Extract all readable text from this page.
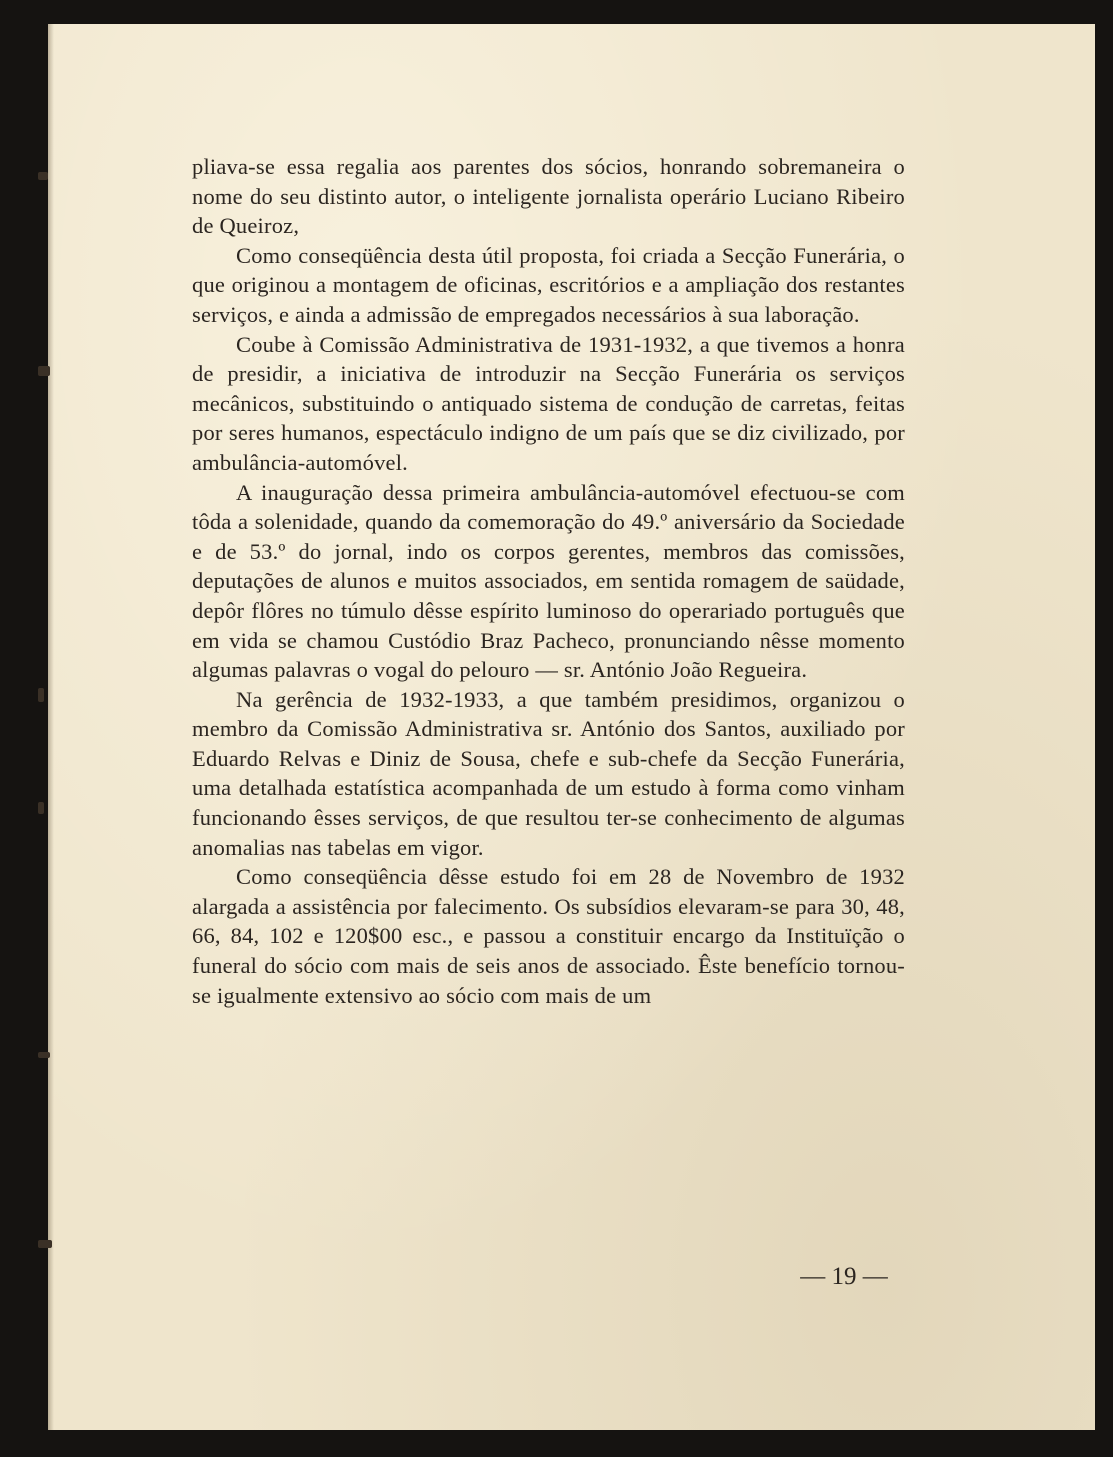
pliava-se essa regalia aos parentes dos sócios, honrando sobremaneira o nome do seu distinto autor, o inteligente jornalista operário Luciano Ribeiro de Queiroz,

Como conseqüência desta útil proposta, foi criada a Secção Funerária, o que originou a montagem de oficinas, escritórios e a ampliação dos restantes serviços, e ainda a admissão de empregados necessários à sua laboração.

Coube à Comissão Administrativa de 1931-1932, a que tivemos a honra de presidir, a iniciativa de introduzir na Secção Funerária os serviços mecânicos, substituindo o antiquado sistema de condução de carretas, feitas por seres humanos, espectáculo indigno de um país que se diz civilizado, por ambulância-automóvel.

A inauguração dessa primeira ambulância-automóvel efectuou-se com tôda a solenidade, quando da comemoração do 49.º aniversário da Sociedade e de 53.º do jornal, indo os corpos gerentes, membros das comissões, deputações de alunos e muitos associados, em sentida romagem de saüdade, depôr flôres no túmulo dêsse espírito luminoso do operariado português que em vida se chamou Custódio Braz Pacheco, pronunciando nêsse momento algumas palavras o vogal do pelouro — sr. António João Regueira.

Na gerência de 1932-1933, a que também presidimos, organizou o membro da Comissão Administrativa sr. António dos Santos, auxiliado por Eduardo Relvas e Diniz de Sousa, chefe e sub-chefe da Secção Funerária, uma detalhada estatística acompanhada de um estudo à forma como vinham funcionando êsses serviços, de que resultou ter-se conhecimento de algumas anomalias nas tabelas em vigor.

Como conseqüência dêsse estudo foi em 28 de Novembro de 1932 alargada a assistência por falecimento. Os subsídios elevaram-se para 30, 48, 66, 84, 102 e 120$00 esc., e passou a constituir encargo da Instituïção o funeral do sócio com mais de seis anos de associado. Êste benefício tornou-se igualmente extensivo ao sócio com mais de um

— 19 —
